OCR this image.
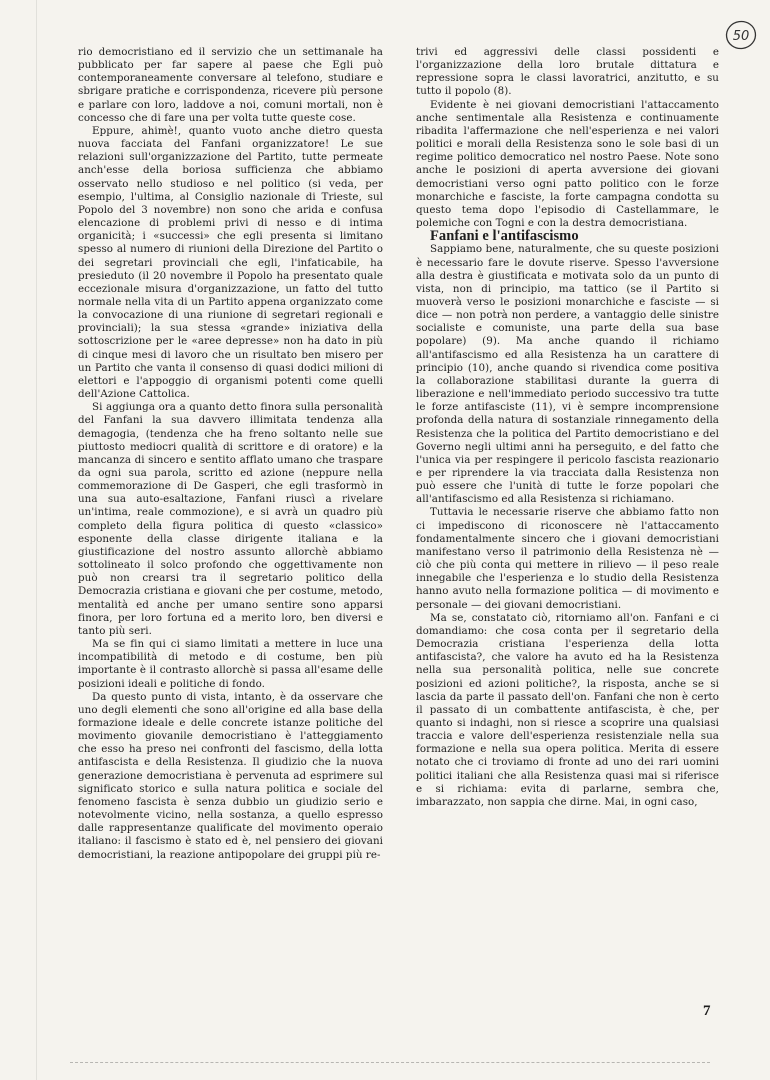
50

rio democristiano ed il servizio che un settimanale ha pubblicato per far sapere al paese che Egli può contemporaneamente conversare al telefono, studiare e sbrigare pratiche e corrispondenza, ricevere più persone e parlare con loro, laddove a noi, comuni mortali, non è concesso che di fare una per volta tutte queste cose.

Eppure, ahimè!, quanto vuoto anche dietro questa nuova facciata del Fanfani organizzatore! Le sue relazioni sull'organizzazione del Partito, tutte permeate anch'esse della boriosa sufficienza che abbiamo osservato nello studioso e nel politico (si veda, per esempio, l'ultima, al Consiglio nazionale di Trieste, sul Popolo del 3 novembre) non sono che arida e confusa elencazione di problemi privi di nesso e di intima organicità; i «successi» che egli presenta si limitano spesso al numero di riunioni della Direzione del Partito o dei segretari provinciali che egli, l'infaticabile, ha presieduto (il 20 novembre il Popolo ha presentato quale eccezionale misura d'organizzazione, un fatto del tutto normale nella vita di un Partito appena organizzato come la convocazione di una riunione di segretari regionali e provinciali); la sua stessa «grande» iniziativa della sottoscrizione per le «aree depresse» non ha dato in più di cinque mesi di lavoro che un risultato ben misero per un Partito che vanta il consenso di quasi dodici milioni di elettori e l'appoggio di organismi potenti come quelli dell'Azione Cattolica.

Si aggiunga ora a quanto detto finora sulla personalità del Fanfani la sua davvero illimitata tendenza alla demagogia, (tendenza che ha freno soltanto nelle sue piuttosto mediocri qualità di scrittore e di oratore) e la mancanza di sincero e sentito afflato umano che traspare da ogni sua parola, scritto ed azione (neppure nella commemorazione di De Gasperi, che egli trasformò in una sua auto-esaltazione, Fanfani riuscì a rivelare un'intima, reale commozione), e si avrà un quadro più completo della figura politica di questo «classico» esponente della classe dirigente italiana e la giustificazione del nostro assunto allorchè abbiamo sottolineato il solco profondo che oggettivamente non può non crearsi tra il segretario politico della Democrazia cristiana e giovani che per costume, metodo, mentalità ed anche per umano sentire sono apparsi finora, per loro fortuna ed a merito loro, ben diversi e tanto più seri.

Ma se fin qui ci siamo limitati a mettere in luce una incompatibilità di metodo e di costume, ben più importante è il contrasto allorchè si passa all'esame delle posizioni ideali e politiche di fondo.

Da questo punto di vista, intanto, è da osservare che uno degli elementi che sono all'origine ed alla base della formazione ideale e delle concrete istanze politiche del movimento giovanile democristiano è l'atteggiamento che esso ha preso nei confronti del fascismo, della lotta antifascista e della Resistenza. Il giudizio che la nuova generazione democristiana è pervenuta ad esprimere sul significato storico e sulla natura politica e sociale del fenomeno fascista è senza dubbio un giudizio serio e notevolmente vicino, nella sostanza, a quello espresso dalle rappresentanze qualificate del movimento operaio italiano: il fascismo è stato ed è, nel pensiero dei giovani democristiani, la reazione antipopolare dei gruppi più re-

trivi ed aggressivi delle classi possidenti e l'organizzazione della loro brutale dittatura e repressione sopra le classi lavoratrici, anzitutto, e su tutto il popolo (8).

Evidente è nei giovani democristiani l'attaccamento anche sentimentale alla Resistenza e continuamente ribadita l'affermazione che nell'esperienza e nei valori politici e morali della Resistenza sono le sole basi di un regime politico democratico nel nostro Paese. Note sono anche le posizioni di aperta avversione dei giovani democristiani verso ogni patto politico con le forze monarchiche e fasciste, la forte campagna condotta su questo tema dopo l'episodio di Castellammare, le polemiche con Togni e con la destra democristiana.

Fanfani e l'antifascismo

Sappiamo bene, naturalmente, che su queste posizioni è necessario fare le dovute riserve. Spesso l'avversione alla destra è giustificata e motivata solo da un punto di vista, non di principio, ma tattico (se il Partito si muoverà verso le posizioni monarchiche e fasciste — si dice — non potrà non perdere, a vantaggio delle sinistre socialiste e comuniste, una parte della sua base popolare) (9). Ma anche quando il richiamo all'antifascismo ed alla Resistenza ha un carattere di principio (10), anche quando si rivendica come positiva la collaborazione stabilitasi durante la guerra di liberazione e nell'immediato periodo successivo tra tutte le forze antifasciste (11), vi è sempre incomprensione profonda della natura di sostanziale rinnegamento della Resistenza che la politica del Partito democristiano e del Governo negli ultimi anni ha perseguito, e del fatto che l'unica via per respingere il pericolo fascista reazionario e per riprendere la via tracciata dalla Resistenza non può essere che l'unità di tutte le forze popolari che all'antifascismo ed alla Resistenza si richiamano.

Tuttavia le necessarie riserve che abbiamo fatto non ci impediscono di riconoscere nè l'attaccamento fondamentalmente sincero che i giovani democristiani manifestano verso il patrimonio della Resistenza nè — ciò che più conta qui mettere in rilievo — il peso reale innegabile che l'esperienza e lo studio della Resistenza hanno avuto nella formazione politica — di movimento e personale — dei giovani democristiani.

Ma se, constatato ciò, ritorniamo all'on. Fanfani e ci domandiamo: che cosa conta per il segretario della Democrazia cristiana l'esperienza della lotta antifascista?, che valore ha avuto ed ha la Resistenza nella sua personalità politica, nelle sue concrete posizioni ed azioni politiche?, la risposta, anche se si lascia da parte il passato dell'on. Fanfani che non è certo il passato di un combattente antifascista, è che, per quanto si indaghi, non si riesce a scoprire una qualsiasi traccia e valore dell'esperienza resistenziale nella sua formazione e nella sua opera politica. Merita di essere notato che ci troviamo di fronte ad uno dei rari uomini politici italiani che alla Resistenza quasi mai si riferisce e si richiama: evita di parlarne, sembra che, imbarazzato, non sappia che dirne. Mai, in ogni caso,

7
